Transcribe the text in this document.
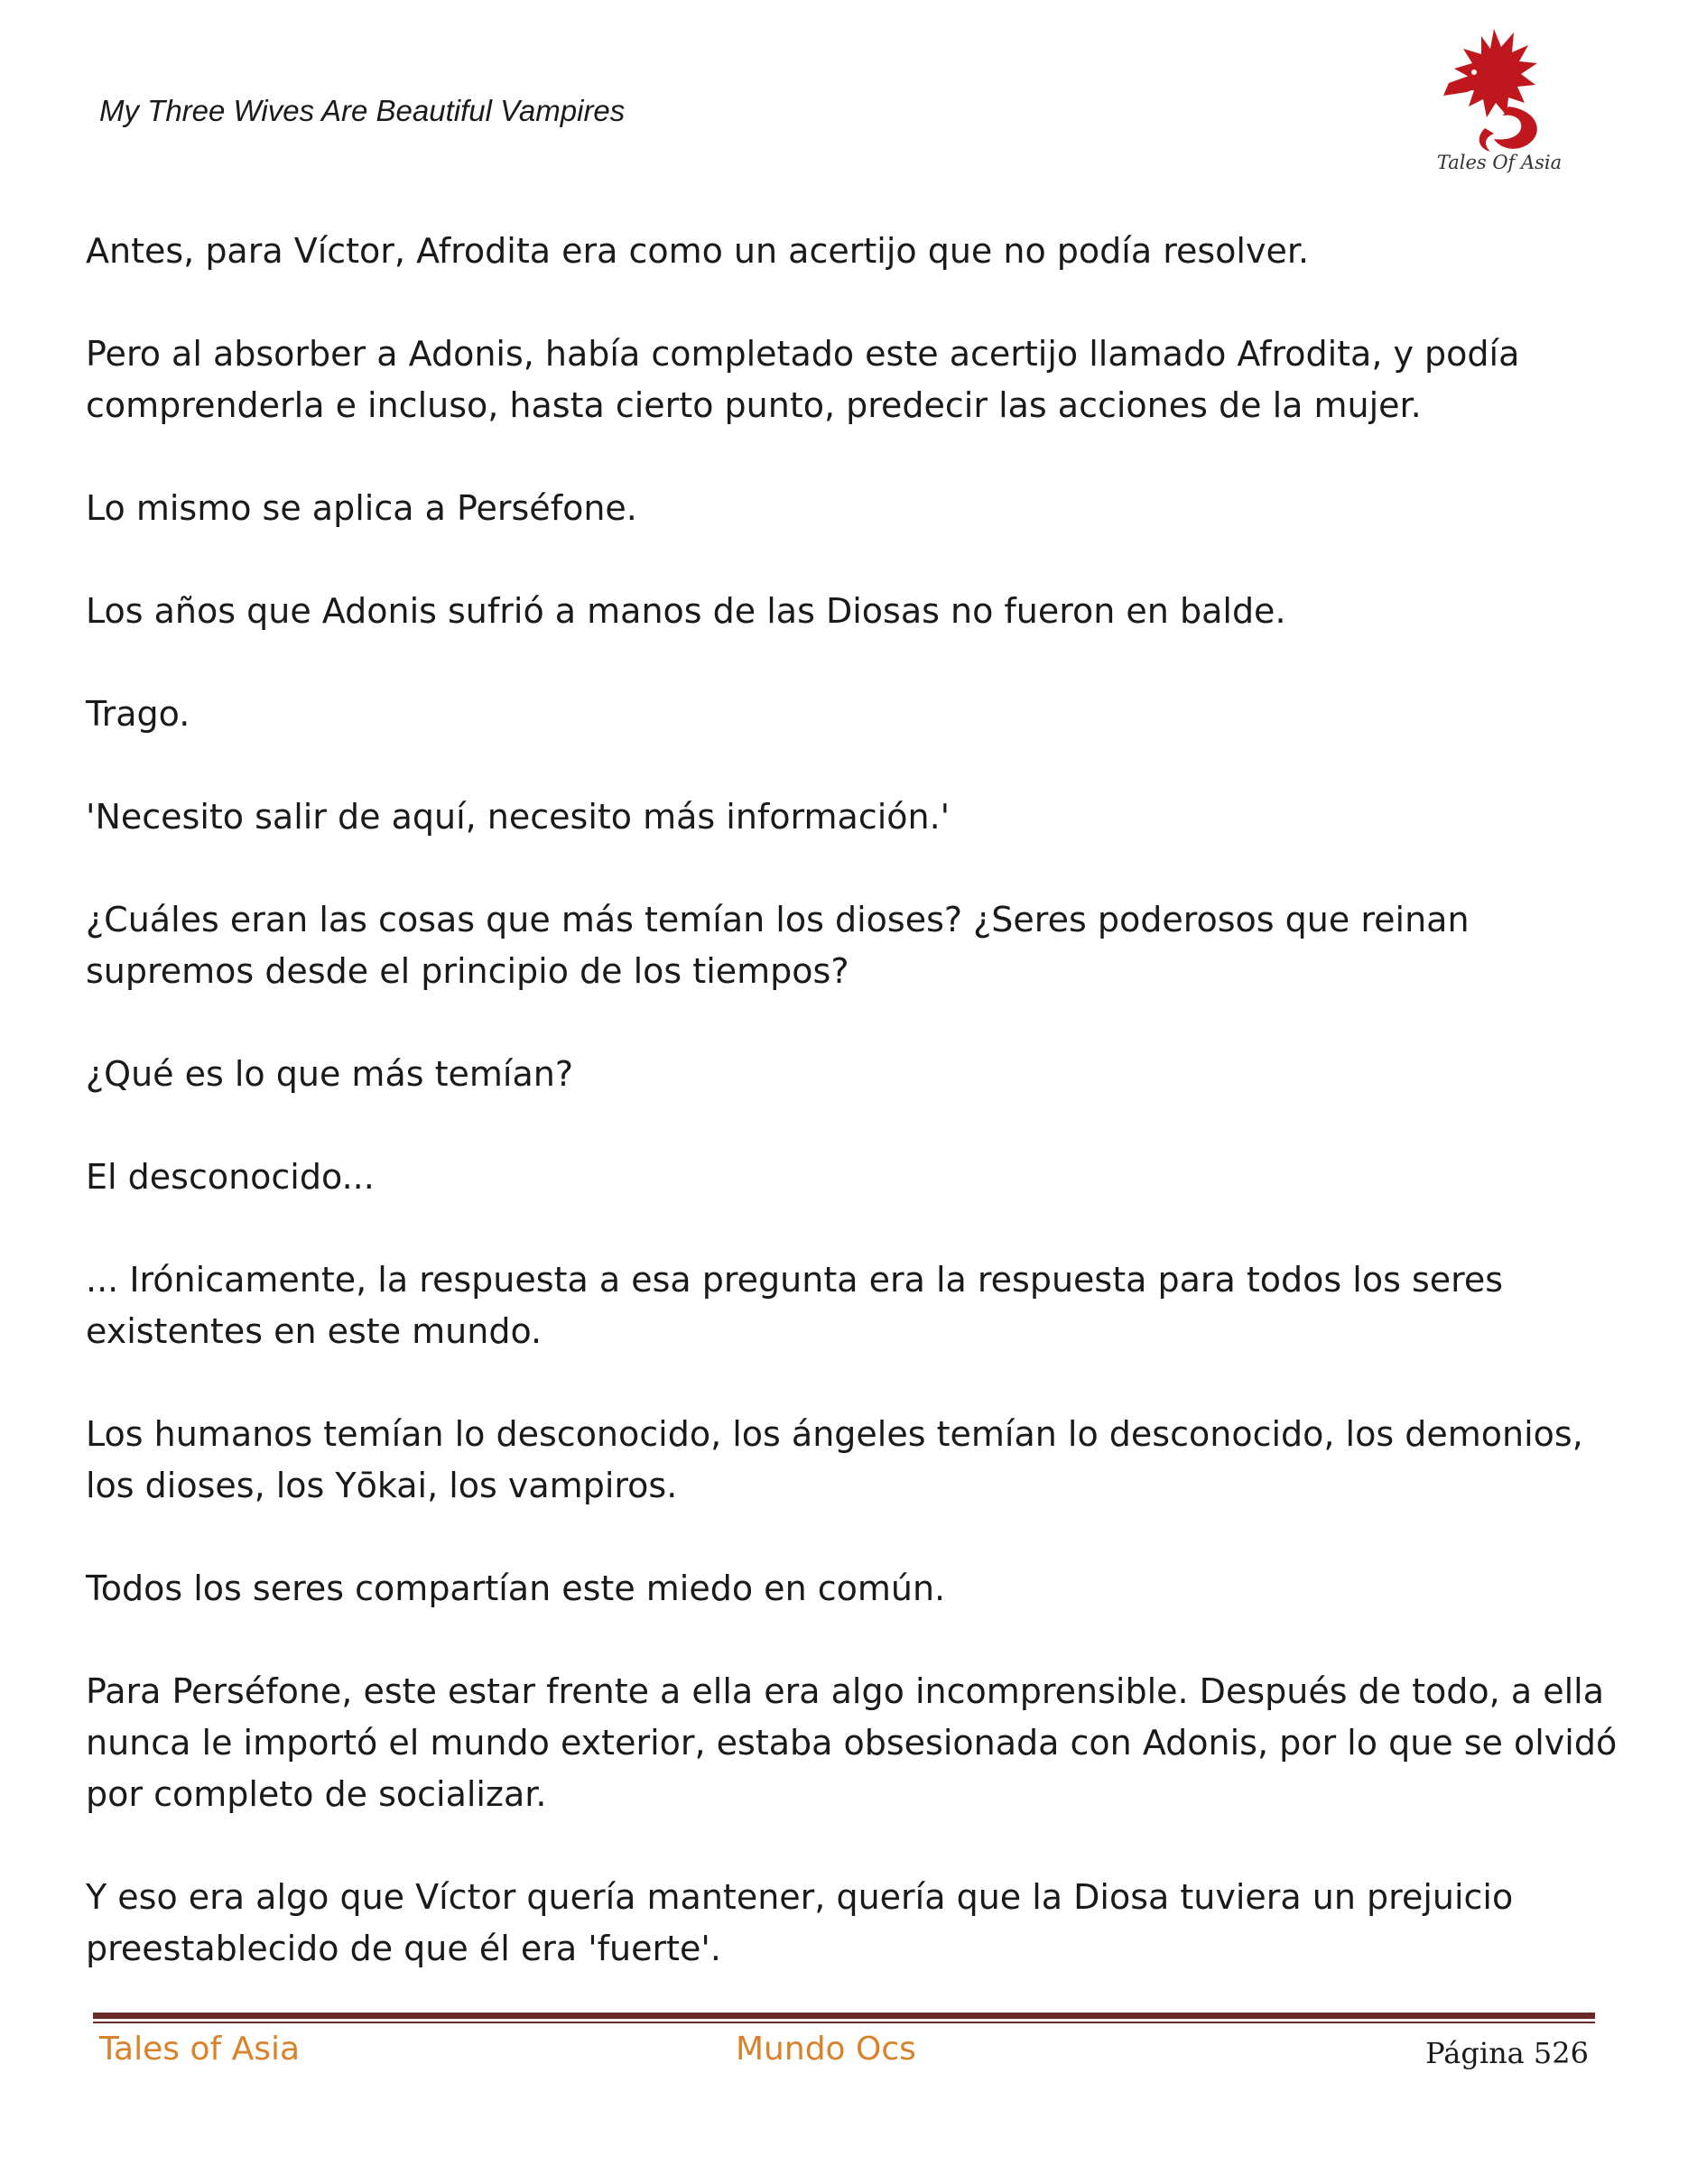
My Three Wives Are Beautiful Vampires
Tales Of Asia

Antes, para Víctor, Afrodita era como un acertijo que no podía resolver.

Pero al absorber a Adonis, había completado este acertijo llamado Afrodita, y podía comprenderla e incluso, hasta cierto punto, predecir las acciones de la mujer.

Lo mismo se aplica a Perséfone.

Los años que Adonis sufrió a manos de las Diosas no fueron en balde.

Trago.

'Necesito salir de aquí, necesito más información.'

¿Cuáles eran las cosas que más temían los dioses? ¿Seres poderosos que reinan supremos desde el principio de los tiempos?

¿Qué es lo que más temían?

El desconocido...

... Irónicamente, la respuesta a esa pregunta era la respuesta para todos los seres existentes en este mundo.

Los humanos temían lo desconocido, los ángeles temían lo desconocido, los demonios, los dioses, los Yōkai, los vampiros.

Todos los seres compartían este miedo en común.

Para Perséfone, este estar frente a ella era algo incomprensible. Después de todo, a ella nunca le importó el mundo exterior, estaba obsesionada con Adonis, por lo que se olvidó por completo de socializar.

Y eso era algo que Víctor quería mantener, quería que la Diosa tuviera un prejuicio preestablecido de que él era 'fuerte'.

Tales of Asia	Mundo Ocs	Página 526
